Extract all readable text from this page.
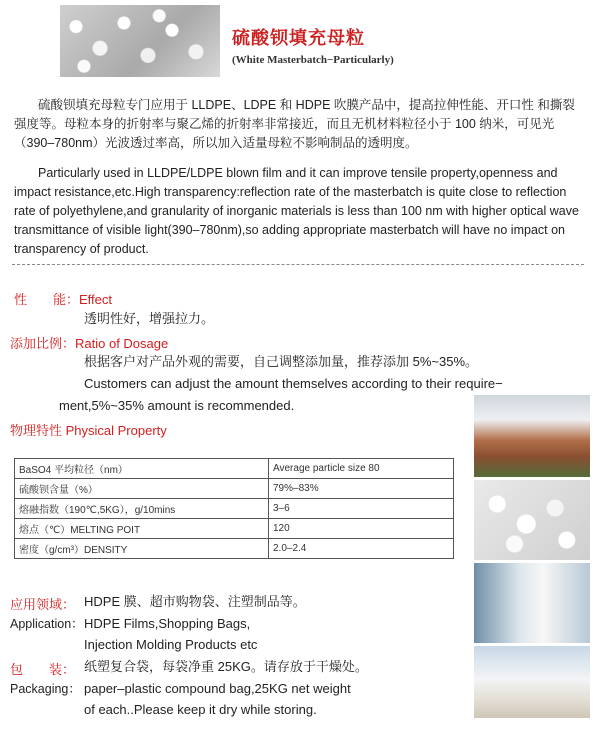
硫酸钡填充母粒
(White Masterbatch−Particularly)
硫酸钡填充母粒专门应用于 LLDPE、LDPE 和 HDPE 吹膜产品中，提高拉伸性能、开口性 和撕裂强度等。母粒本身的折射率与聚乙烯的折射率非常接近，而且无机材料粒径小于 100 纳米，可见光（390–780nm）光波透过率高，所以加入适量母粒不影响制品的透明度。
Particularly used in LLDPE/LDPE blown film and it can improve tensile property,openness and impact resistance,etc.High transparency:reflection rate of the masterbatch is quite close to reflection rate of polyethylene,and granularity of inorganic materials is less than 100 nm with higher optical wave transmittance of visible light(390–780nm),so adding appropriate masterbatch will have no impact on transparency of product.
性　　能：Effect
透明性好，增强拉力。
添加比例：Ratio of Dosage
根据客户对产品外观的需要，自己调整添加量，推荐添加 5%~35%。
Customers can adjust the amount themselves according to their require−
ment,5%~35% amount is recommended.
物理特性 Physical Property
BaSO4 平均粒径（nm）	Average particle size 80
硫酸钡含量（%）	79%–83%
熔融指数（190℃,5KG），g/10mins	3–6
熔点（℃）MELTING POIT	120
密度（g/cm³）DENSITY	2.0–2.4
应用领域： HDPE 膜、超市购物袋、注塑制品等。
Application： HDPE Films,Shopping Bags,
Injection Molding Products etc
包　　装： 纸塑复合袋，每袋净重 25KG。请存放于干燥处。
Packaging： paper–plastic compound bag,25KG net weight
of each..Please keep it dry while storing.
